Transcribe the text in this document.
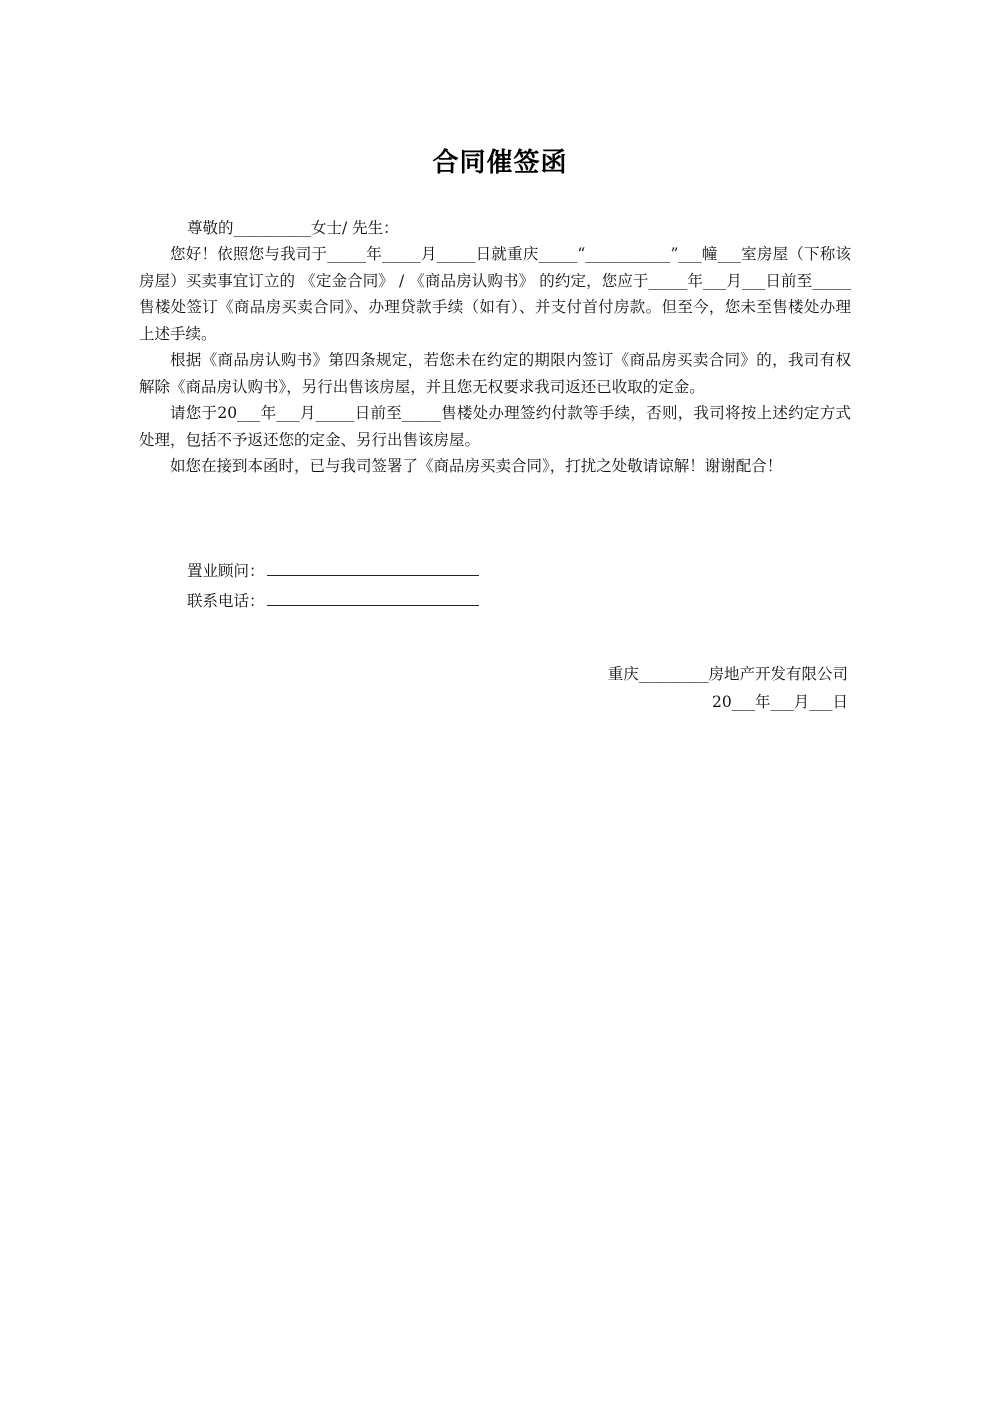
合同催签函
尊敬的__________女士/ 先生：

您好！依照您与我司于_____年_____月_____日就重庆_____“___________”___幢___室房屋（下称该房屋）买卖事宜订立的 《定金合同》 / 《商品房认购书》 的约定，您应于_____年___月___日前至_____售楼处签订《商品房买卖合同》、办理贷款手续（如有）、并支付首付房款。但至今，您未至售楼处办理上述手续。

根据《商品房认购书》第四条规定，若您未在约定的期限内签订《商品房买卖合同》的，我司有权解除《商品房认购书》，另行出售该房屋，并且您无权要求我司返还已收取的定金。

请您于20___年___月_____日前至_____售楼处办理签约付款等手续，否则，我司将按上述约定方式处理，包括不予返还您的定金、另行出售该房屋。

如您在接到本函时，已与我司签署了《商品房买卖合同》，打扰之处敬请谅解！谢谢配合！

置业顾问：
联系电话：
重庆_________房地产开发有限公司
20___年___月___日
